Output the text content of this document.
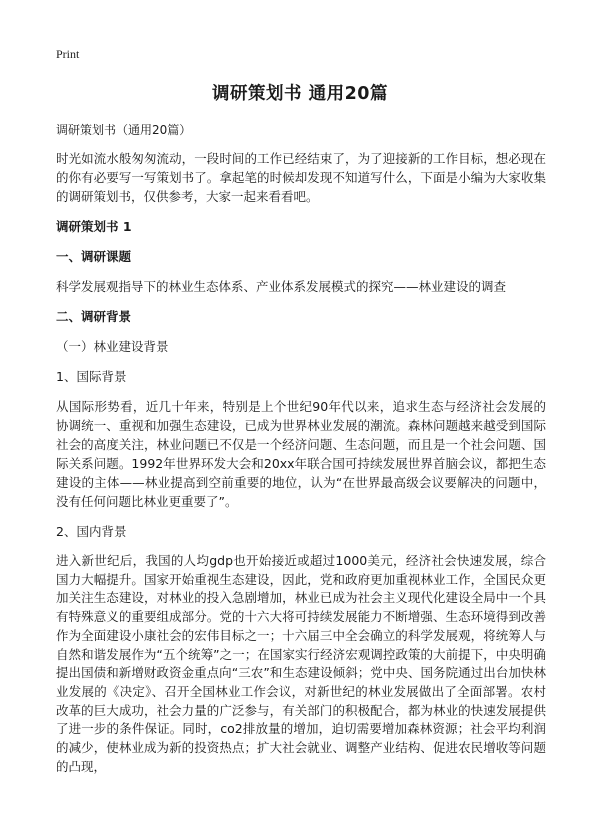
Print
调研策划书 通用20篇

调研策划书（通用20篇）

时光如流水般匆匆流动，一段时间的工作已经结束了，为了迎接新的工作目标，想必现在的你有必要写一写策划书了。拿起笔的时候却发现不知道写什么，下面是小编为大家收集的调研策划书，仅供参考，大家一起来看看吧。

调研策划书 1

一、调研课题

科学发展观指导下的林业生态体系、产业体系发展模式的探究——林业建设的调查

二、调研背景

（一）林业建设背景

1、国际背景

从国际形势看，近几十年来，特别是上个世纪90年代以来，追求生态与经济社会发展的协调统一、重视和加强生态建设，已成为世界林业发展的潮流。森林问题越来越受到国际社会的高度关注，林业问题已不仅是一个经济问题、生态问题，而且是一个社会问题、国际关系问题。1992年世界环发大会和20xx年联合国可持续发展世界首脑会议，都把生态建设的主体——林业提高到空前重要的地位，认为“在世界最高级会议要解决的问题中，没有任何问题比林业更重要了”。

2、国内背景

进入新世纪后，我国的人均gdp也开始接近或超过1000美元，经济社会快速发展，综合国力大幅提升。国家开始重视生态建设，因此，党和政府更加重视林业工作，全国民众更加关注生态建设，对林业的投入急剧增加，林业已成为社会主义现代化建设全局中一个具有特殊意义的重要组成部分。党的十六大将可持续发展能力不断增强、生态环境得到改善作为全面建设小康社会的宏伟目标之一；十六届三中全会确立的科学发展观，将统筹人与自然和谐发展作为“五个统筹”之一；在国家实行经济宏观调控政策的大前提下，中央明确提出国债和新增财政资金重点向“三农”和生态建设倾斜；党中央、国务院通过出台加快林业发展的《决定》、召开全国林业工作会议，对新世纪的林业发展做出了全面部署。农村改革的巨大成功，社会力量的广泛参与，有关部门的积极配合，都为林业的快速发展提供了进一步的条件保证。同时，co2排放量的增加，迫切需要增加森林资源；社会平均利润的减少，使林业成为新的投资热点；扩大社会就业、调整产业结构、促进农民增收等问题的凸现，
